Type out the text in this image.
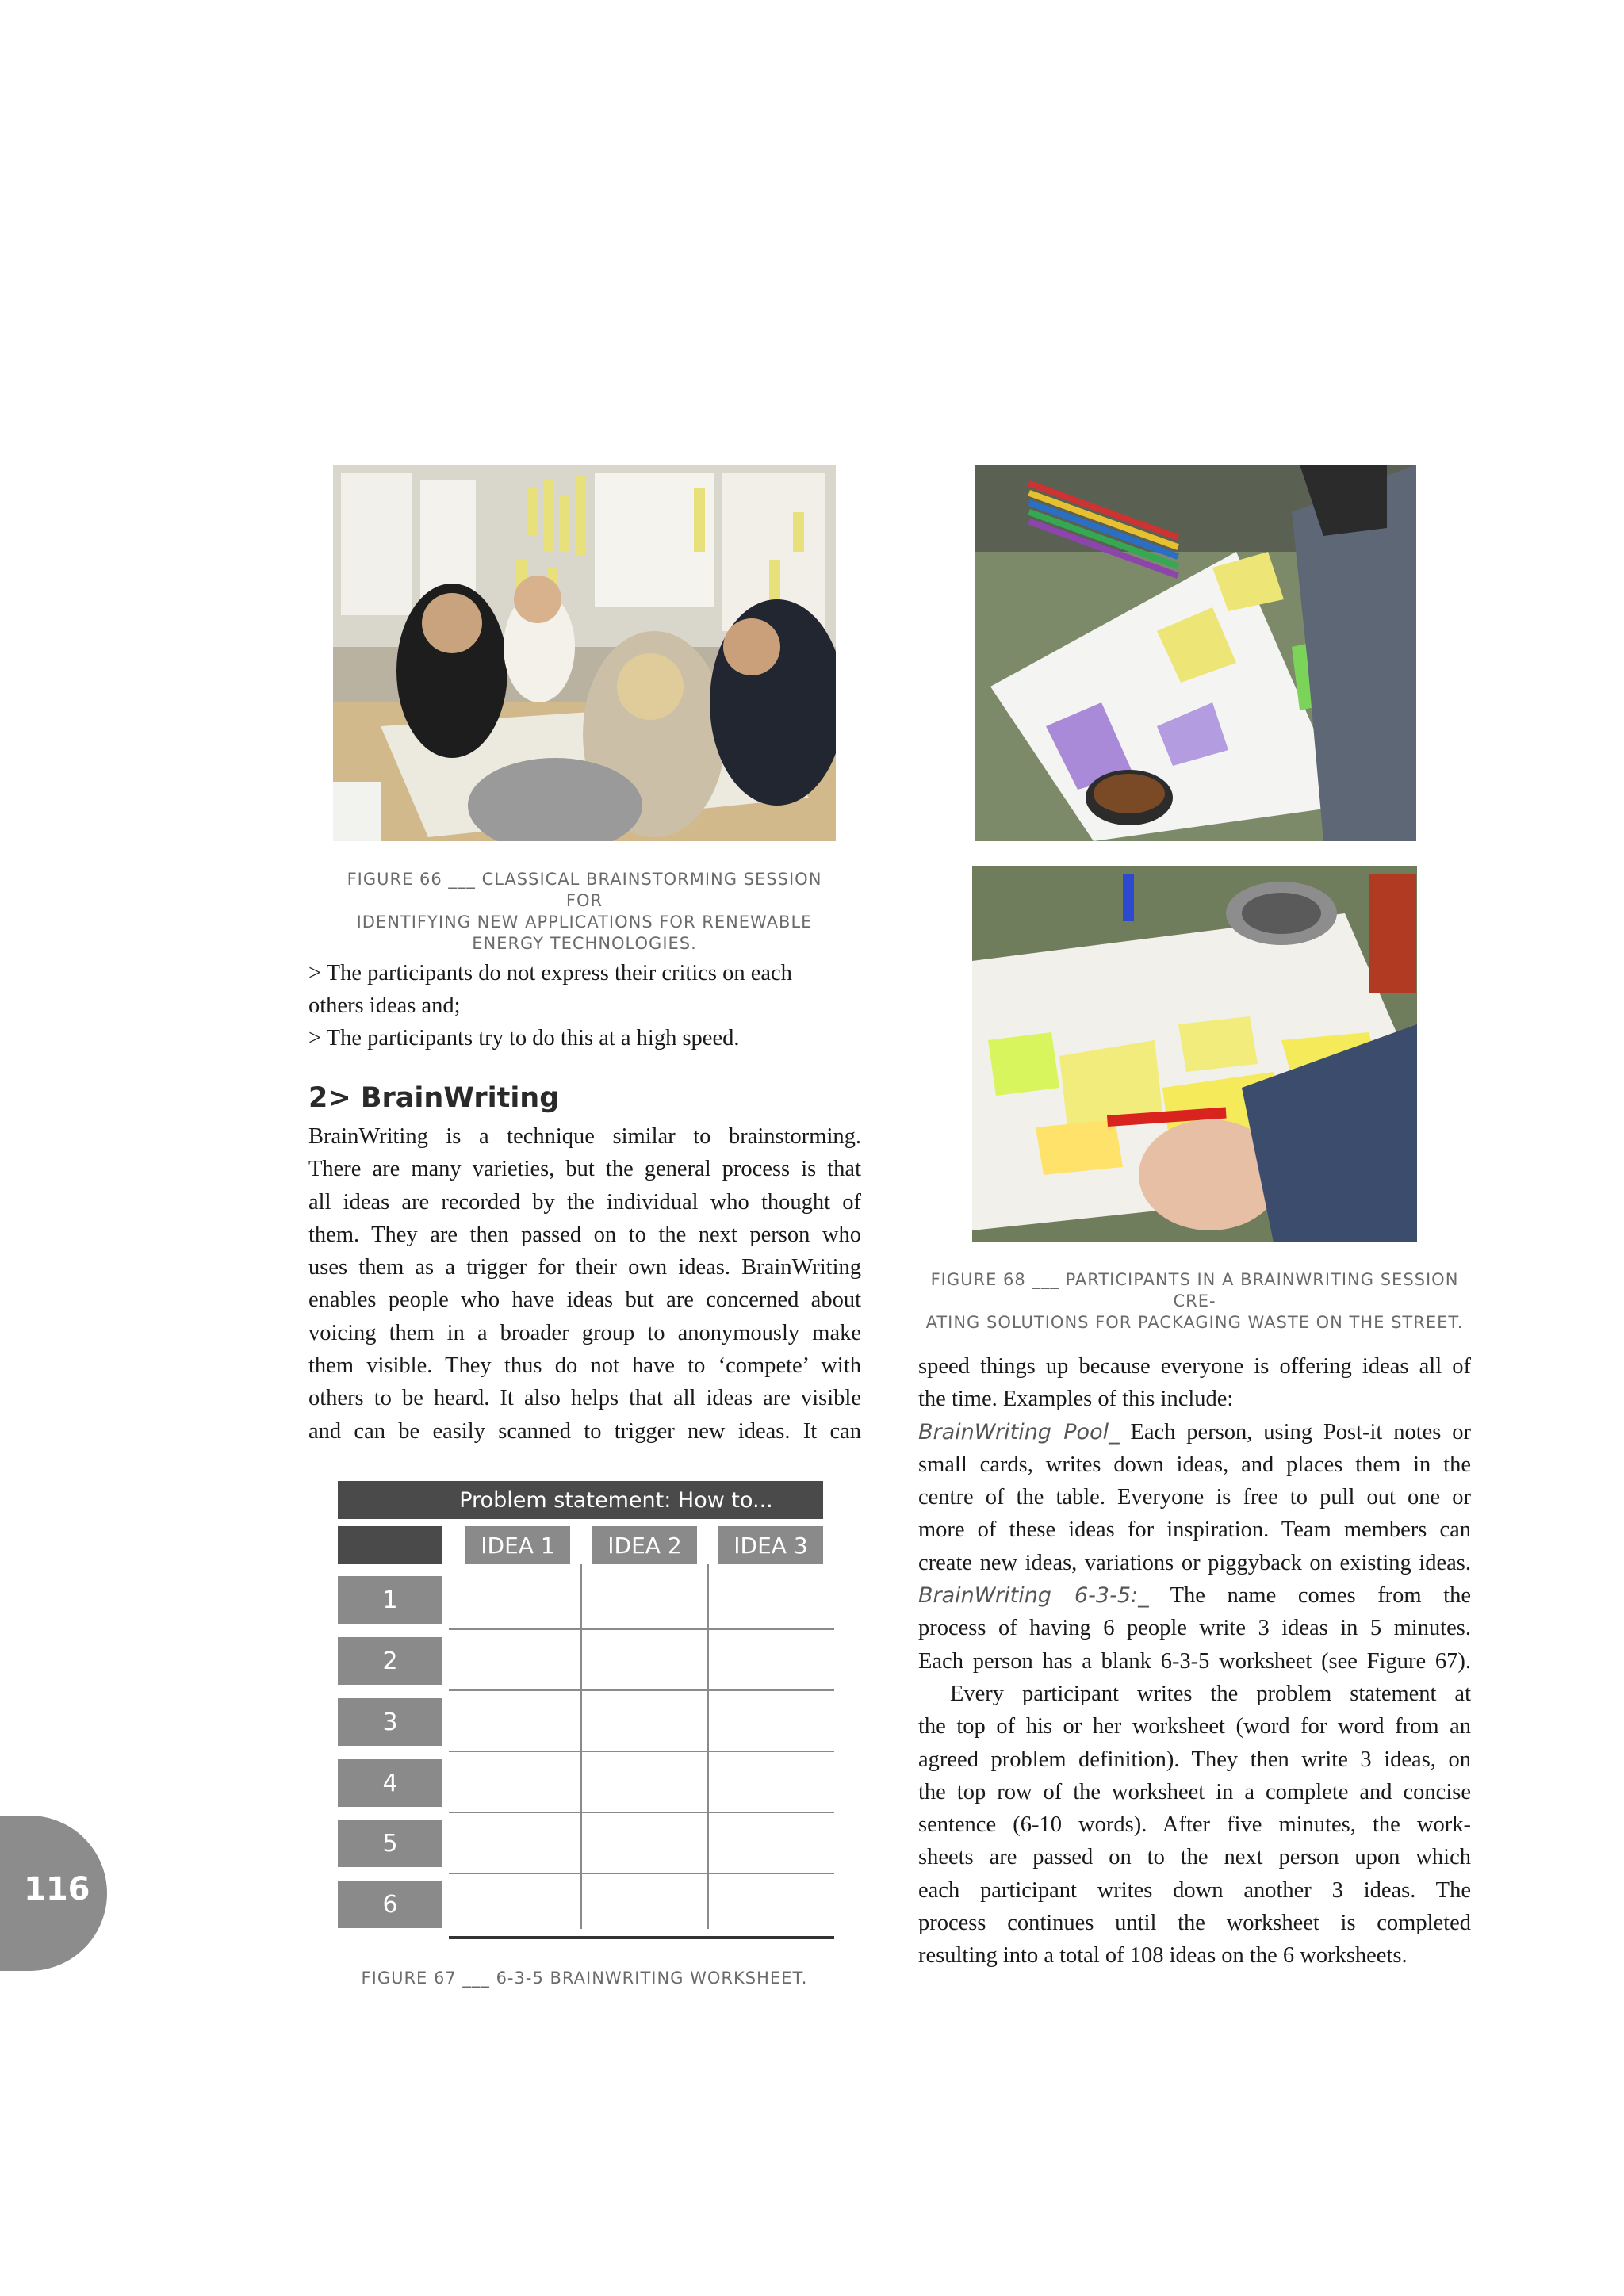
FIGURE 66 ___ CLASSICAL BRAINSTORMING SESSION FOR
IDENTIFYING NEW APPLICATIONS FOR RENEWABLE
ENERGY TECHNOLOGIES.
FIGURE 68 ___ PARTICIPANTS IN A BRAINWRITING SESSION CRE-
ATING SOLUTIONS FOR PACKAGING WASTE ON THE STREET.

> The participants do not express their critics on each

others ideas and;

> The participants try to do this at a high speed.

2> BrainWriting

BrainWriting is a technique similar to brainstorming.

There are many varieties, but the general process is that

all ideas are recorded by the individual who thought of

them. They are then passed on to the next person who

uses them as a trigger for their own ideas. BrainWriting

enables people who have ideas but are concerned about

voicing them in a broader group to anonymously make

them visible. They thus do not have to ‘compete’ with

others to be heard. It also helps that all ideas are visible

and can be easily scanned to trigger new ideas. It can

Problem statement: How to...
IDEA 1	IDEA 2	IDEA 3
1
2
3
4
5
6
FIGURE 67 ___ 6-3-5 BRAINWRITING WORKSHEET.

speed things up because everyone is offering ideas all of

the time. Examples of this include:

BrainWriting Pool_ Each person, using Post-it notes or

small cards, writes down ideas, and places them in the

centre of the table. Everyone is free to pull out one or

more of these ideas for inspiration. Team members can

create new ideas, variations or piggyback on existing ideas.

BrainWriting 6-3-5:_ The name comes from the

process of having 6 people write 3 ideas in 5 minutes.

Each person has a blank 6-3-5 worksheet (see Figure 67).

Every participant writes the problem statement at

the top of his or her worksheet (word for word from an

agreed problem definition). They then write 3 ideas, on

the top row of the worksheet in a complete and concise

sentence (6-10 words). After five minutes, the work-

sheets are passed on to the next person upon which

each participant writes down another 3 ideas. The

process continues until the worksheet is completed

resulting into a total of 108 ideas on the 6 worksheets.

116
